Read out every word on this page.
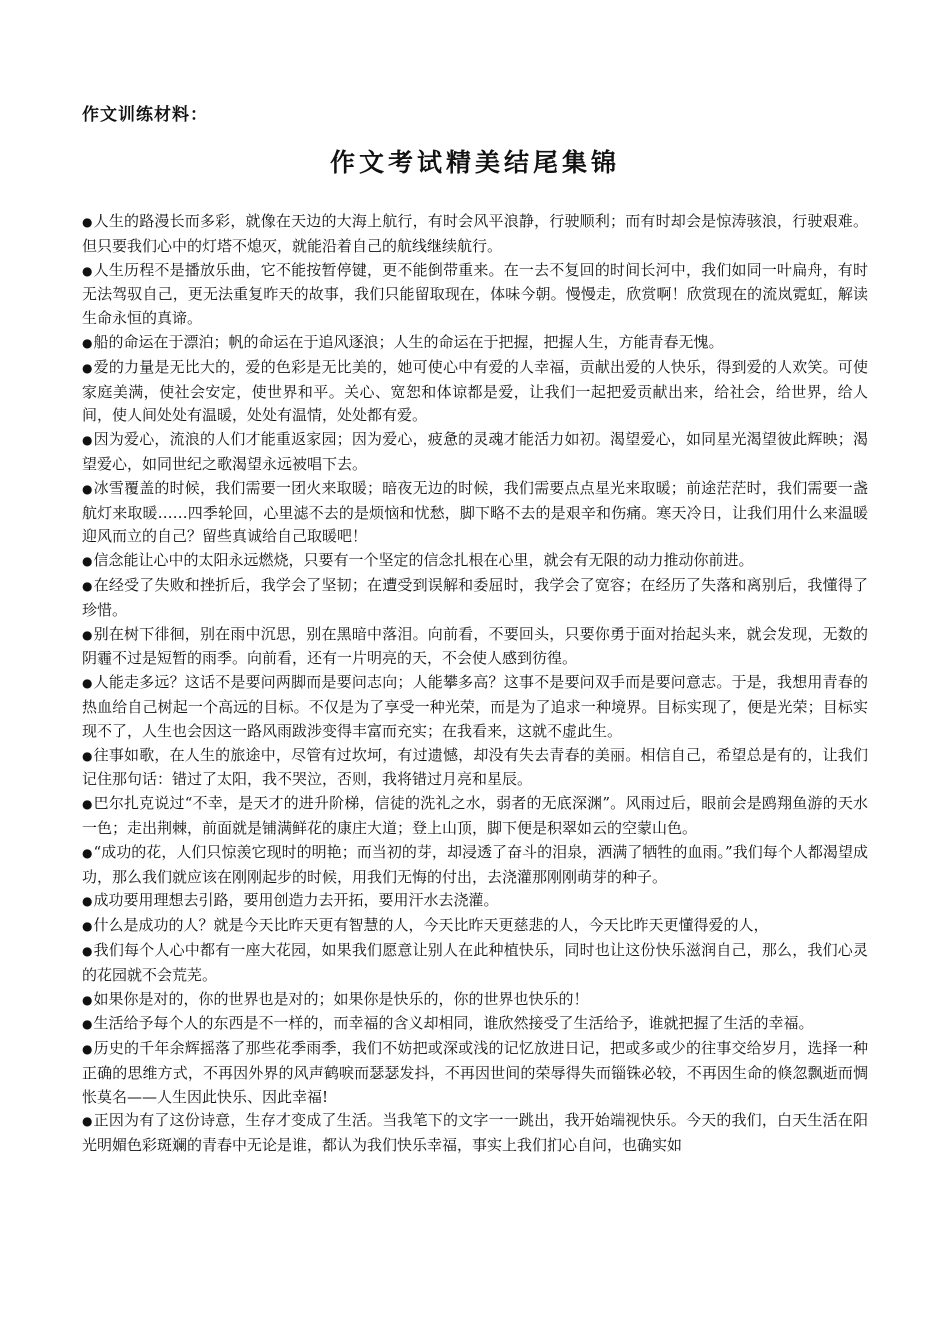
作文训练材料：

作文考试精美结尾集锦
●人生的路漫长而多彩，就像在天边的大海上航行，有时会风平浪静，行驶顺利；而有时却会是惊涛骇浪，行驶艰难。但只要我们心中的灯塔不熄灭，就能沿着自己的航线继续航行。
●人生历程不是播放乐曲，它不能按暂停键，更不能倒带重来。在一去不复回的时间长河中，我们如同一叶扁舟，有时无法驾驭自己，更无法重复昨天的故事，我们只能留取现在，体味今朝。慢慢走，欣赏啊！欣赏现在的流岚霓虹，解读生命永恒的真谛。
●船的命运在于漂泊；帆的命运在于追风逐浪；人生的命运在于把握，把握人生，方能青春无愧。
●爱的力量是无比大的，爱的色彩是无比美的，她可使心中有爱的人幸福，贡献出爱的人快乐，得到爱的人欢笑。可使家庭美满，使社会安定，使世界和平。关心、宽恕和体谅都是爱，让我们一起把爱贡献出来，给社会，给世界，给人间，使人间处处有温暖，处处有温情，处处都有爱。
●因为爱心，流浪的人们才能重返家园；因为爱心，疲惫的灵魂才能活力如初。渴望爱心，如同星光渴望彼此辉映；渴望爱心，如同世纪之歌渴望永远被唱下去。
●冰雪覆盖的时候，我们需要一团火来取暖；暗夜无边的时候，我们需要点点星光来取暖；前途茫茫时，我们需要一盏航灯来取暖……四季轮回，心里滤不去的是烦恼和忧愁，脚下略不去的是艰辛和伤痛。寒天冷日，让我们用什么来温暖迎风而立的自己？留些真诚给自己取暖吧！
●信念能让心中的太阳永远燃烧，只要有一个坚定的信念扎根在心里，就会有无限的动力推动你前进。
●在经受了失败和挫折后，我学会了坚韧；在遭受到误解和委屈时，我学会了宽容；在经历了失落和离别后，我懂得了珍惜。
●别在树下徘徊，别在雨中沉思，别在黑暗中落泪。向前看，不要回头，只要你勇于面对抬起头来，就会发现，无数的阴霾不过是短暂的雨季。向前看，还有一片明亮的天，不会使人感到彷徨。
●人能走多远？这话不是要问两脚而是要问志向；人能攀多高？这事不是要问双手而是要问意志。于是，我想用青春的热血给自己树起一个高远的目标。不仅是为了享受一种光荣，而是为了追求一种境界。目标实现了，便是光荣；目标实现不了，人生也会因这一路风雨跋涉变得丰富而充实；在我看来，这就不虚此生。
●往事如歌，在人生的旅途中，尽管有过坎坷，有过遗憾，却没有失去青春的美丽。相信自己，希望总是有的，让我们记住那句话：错过了太阳，我不哭泣，否则，我将错过月亮和星辰。
●巴尔扎克说过“不幸，是天才的进升阶梯，信徒的洗礼之水，弱者的无底深渊”。风雨过后，眼前会是鸥翔鱼游的天水一色；走出荆棘，前面就是铺满鲜花的康庄大道；登上山顶，脚下便是积翠如云的空蒙山色。
●“成功的花，人们只惊羡它现时的明艳；而当初的芽，却浸透了奋斗的泪泉，洒满了牺牲的血雨。”我们每个人都渴望成功，那么我们就应该在刚刚起步的时候，用我们无悔的付出，去浇灌那刚刚萌芽的种子。
●成功要用理想去引路，要用创造力去开拓，要用汗水去浇灌。
●什么是成功的人？就是今天比昨天更有智慧的人，今天比昨天更慈悲的人，今天比昨天更懂得爱的人，
●我们每个人心中都有一座大花园，如果我们愿意让别人在此种植快乐，同时也让这份快乐滋润自己，那么，我们心灵的花园就不会荒芜。
●如果你是对的，你的世界也是对的；如果你是快乐的，你的世界也快乐的！
●生活给予每个人的东西是不一样的，而幸福的含义却相同，谁欣然接受了生活给予，谁就把握了生活的幸福。
●历史的千年余辉摇落了那些花季雨季，我们不妨把或深或浅的记忆放进日记，把或多或少的往事交给岁月，选择一种正确的思维方式，不再因外界的风声鹤唳而瑟瑟发抖，不再因世间的荣辱得失而锱铢必较，不再因生命的倏忽飘逝而惆怅莫名——人生因此快乐、因此幸福!
●正因为有了这份诗意，生存才变成了生活。当我笔下的文字一一跳出，我开始端视快乐。今天的我们，白天生活在阳光明媚色彩斑斓的青春中无论是谁，都认为我们快乐幸福，事实上我们扪心自问，也确实如
